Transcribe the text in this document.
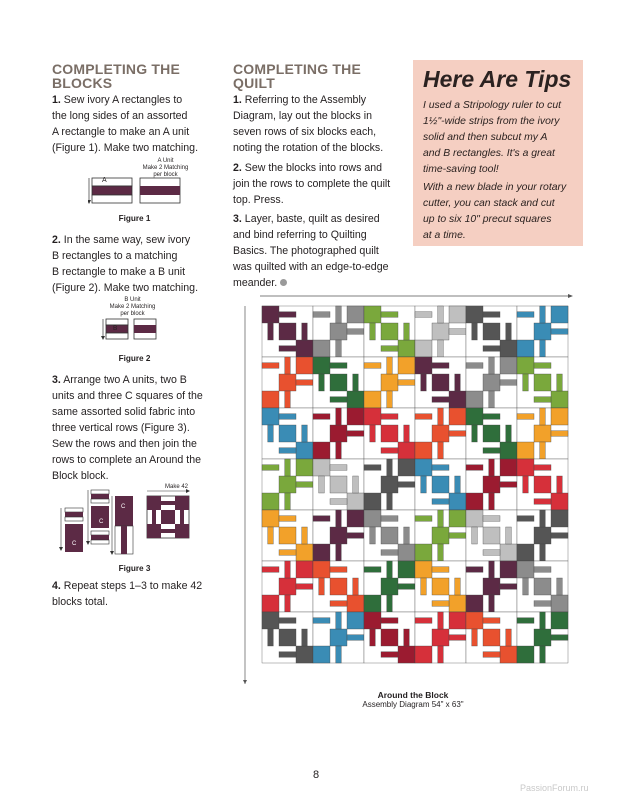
COMPLETING THE
BLOCKS
1. Sew ivory A rectangles to
the long sides of an assorted
A rectangle to make an A unit
(Figure 1). Make two matching.
A Unit
Make 2 Matching
per block
A
Figure 1
2. In the same way, sew ivory
B rectangles to a matching
B rectangle to make a B unit
(Figure 2). Make two matching.
B Unit
Make 2 Matching
per block
B
Figure 2
3. Arrange two A units, two B
units and three C squares of the
same assorted solid fabric into
three vertical rows (Figure 3).
Sew the rows and then join the
rows to complete an Around the
Block block.
Make 42
C
C
C
Figure 3
4. Repeat steps 1–3 to make 42
blocks total.
COMPLETING THE
QUILT
1. Referring to the Assembly
Diagram, lay out the blocks in
seven rows of six blocks each,
noting the rotation of the blocks.
2. Sew the blocks into rows and
join the rows to complete the quilt
top. Press.
3. Layer, baste, quilt as desired
and bind referring to Quilting
Basics. The photographed quilt
was quilted with an edge-to-edge
meander.
Here Are Tips
I used a Stripology ruler to cut
1½"-wide strips from the ivory
solid and then subcut my A
and B rectangles. It's a great
time-saving tool!
With a new blade in your rotary
cutter, you can stack and cut
up to six 10" precut squares
at a time.
Around the Block
Assembly Diagram 54" x 63"
8
PassionForum.ru
